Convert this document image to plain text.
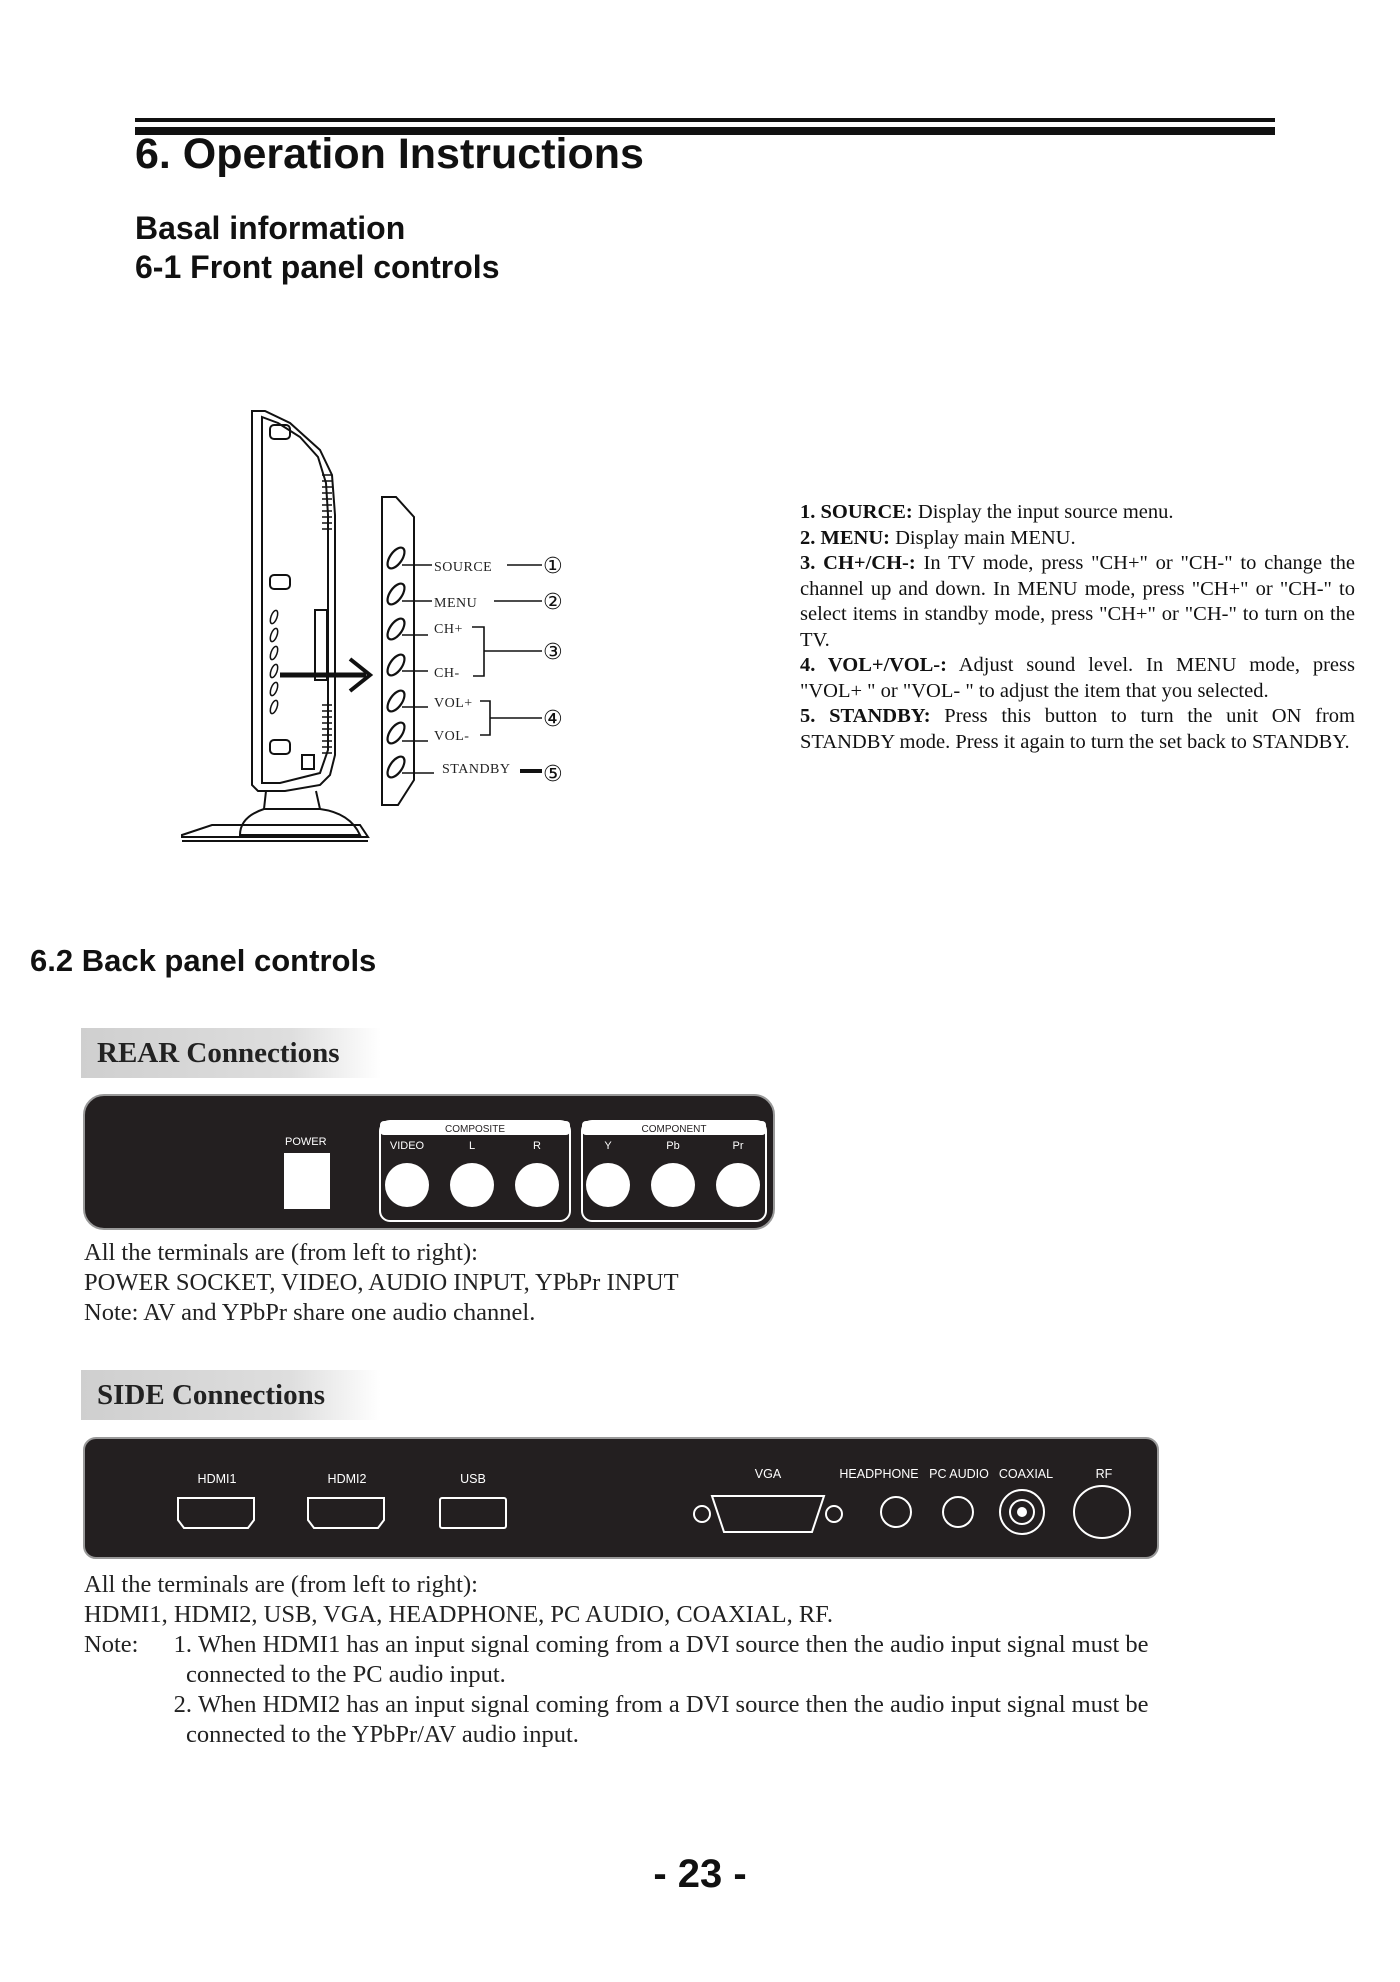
6. Operation Instructions
Basal information
6-1 Front panel controls
SOURCE
MENU
CH+
CH-
VOL+
VOL-
STANDBY
①
②
③
④
⑤

1. SOURCE: Display the input source menu.

2. MENU: Display main MENU.

3. CH+/CH-: In TV mode, press "CH+" or "CH-" to change the channel up and down. In MENU mode, press "CH+" or "CH-" to select items in standby mode, press "CH+" or "CH-" to turn on the TV.

4. VOL+/VOL-: Adjust sound level. In MENU mode, press "VOL+ " or "VOL- " to adjust the item that you selected.

5. STANDBY: Press this button to turn the unit ON from STANDBY mode. Press it again to turn the set back to STANDBY.

6.2 Back panel controls
REAR Connections
POWER
COMPOSITE	COMPONENT
VIDEO	L	R	Y	Pb	Pr
All the terminals are (from left to right):
POWER SOCKET, VIDEO, AUDIO INPUT, YPbPr INPUT
Note: AV and YPbPr share one audio channel.
SIDE Connections
HDMI1	HDMI2	USB	VGA	HEADPHONE PC AUDIO COAXIAL	RF
All the terminals are (from left to right):
HDMI1, HDMI2, USB, VGA, HEADPHONE, PC AUDIO, COAXIAL, RF.
Note:	1. When HDMI1 has an input signal coming from a DVI source then the audio input signal must be
connected to the PC audio input.
2. When HDMI2 has an input signal coming from a DVI source then the audio input signal must be
connected to the YPbPr/AV audio input.
- 23 -
